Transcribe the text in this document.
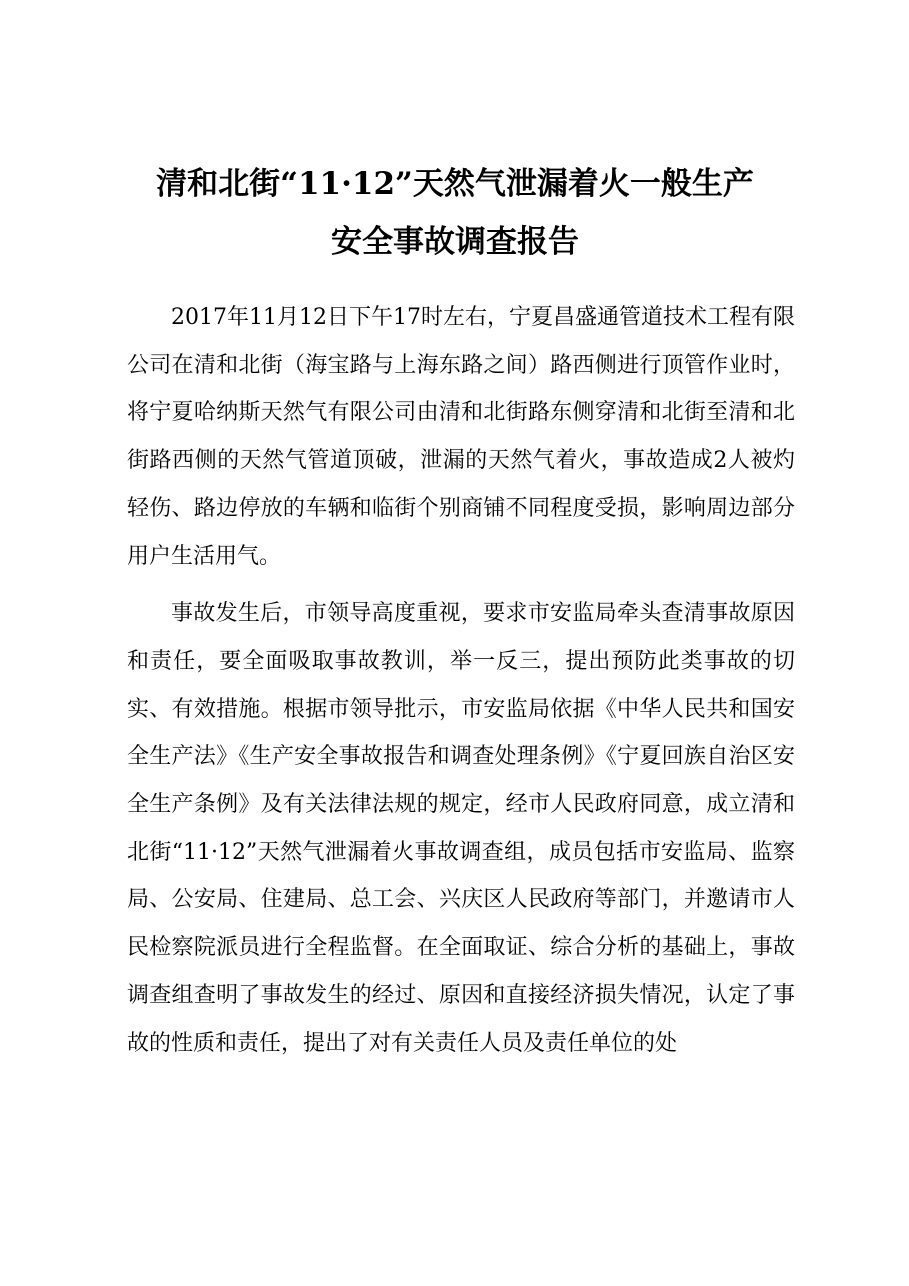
清和北街“11·12”天然气泄漏着火一般生产
安全事故调查报告

2017年11月12日下午17时左右，宁夏昌盛通管道技术工程有限公司在清和北街（海宝路与上海东路之间）路西侧进行顶管作业时，将宁夏哈纳斯天然气有限公司由清和北街路东侧穿清和北街至清和北街路西侧的天然气管道顶破，泄漏的天然气着火，事故造成2人被灼轻伤、路边停放的车辆和临街个别商铺不同程度受损，影响周边部分用户生活用气。

事故发生后，市领导高度重视，要求市安监局牵头查清事故原因和责任，要全面吸取事故教训，举一反三，提出预防此类事故的切实、有效措施。根据市领导批示，市安监局依据《中华人民共和国安全生产法》《生产安全事故报告和调查处理条例》《宁夏回族自治区安全生产条例》及有关法律法规的规定，经市人民政府同意，成立清和北街“11·12”天然气泄漏着火事故调查组，成员包括市安监局、监察局、公安局、住建局、总工会、兴庆区人民政府等部门，并邀请市人民检察院派员进行全程监督。在全面取证、综合分析的基础上，事故调查组查明了事故发生的经过、原因和直接经济损失情况，认定了事故的性质和责任，提出了对有关责任人员及责任单位的处
